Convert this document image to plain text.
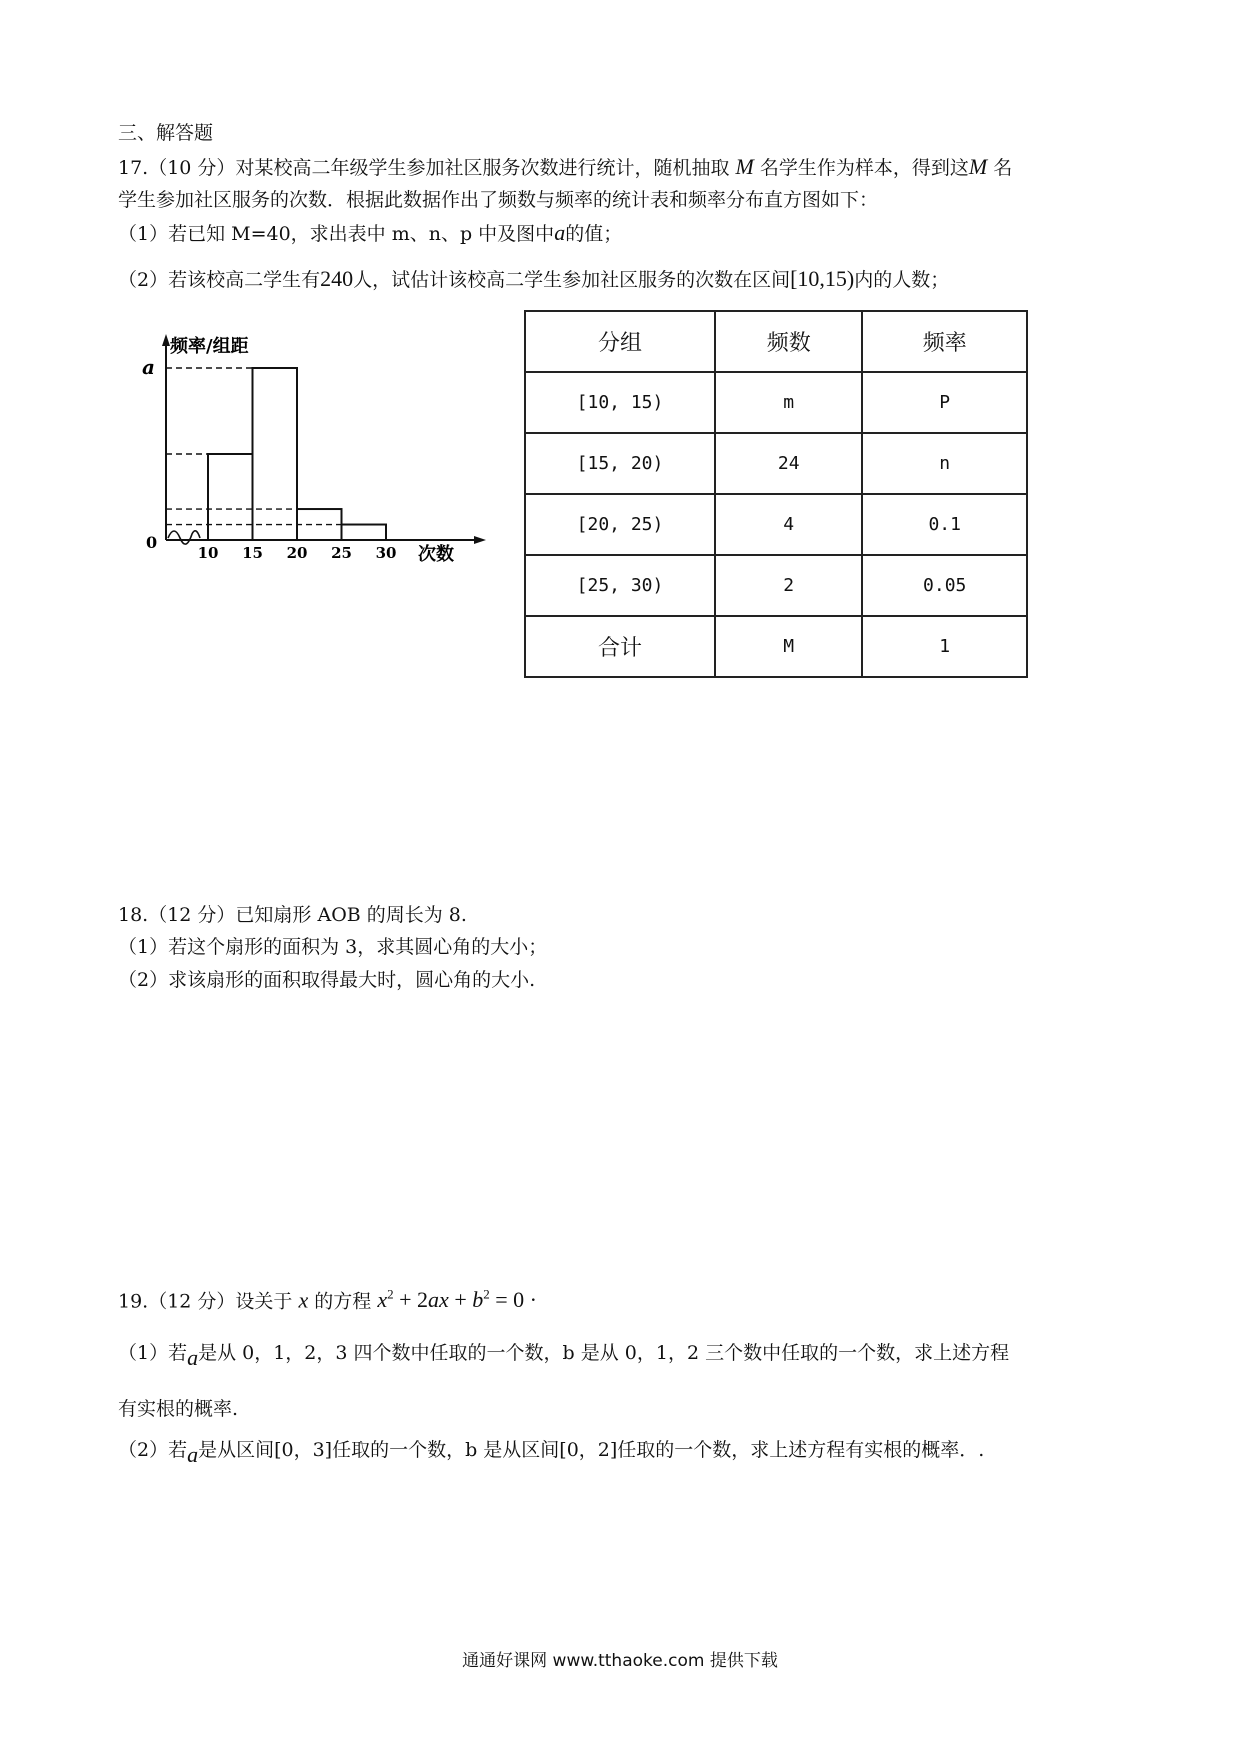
三、解答题
17.（10 分）对某校高二年级学生参加社区服务次数进行统计，随机抽取 M 名学生作为样本，得到这M 名
学生参加社区服务的次数．根据此数据作出了频数与频率的统计表和频率分布直方图如下：
（1）若已知 M=40，求出表中 m、n、p 中及图中a的值；
（2）若该校高二学生有240人，试估计该校高二学生参加社区服务的次数在区间[10,15)内的人数；
频率/组距
a
0
10 15 20 25 30 次数
分组	频数	频率
[10, 15)	m	P
[15, 20)	24	n
[20, 25)	4	0.1
[25, 30)	2	0.05
合计	M	1
18.（12 分）已知扇形 AOB 的周长为 8.
（1）若这个扇形的面积为 3，求其圆心角的大小；
（2）求该扇形的面积取得最大时，圆心角的大小.
19.（12 分）设关于 x 的方程 $x^2 + 2ax + b^2 = 0$ ·
（1）若a是从 0，1，2，3 四个数中任取的一个数，b 是从 0，1，2 三个数中任取的一个数，求上述方程
有实根的概率.
（2）若a是从区间[0，3]任取的一个数，b 是从区间[0，2]任取的一个数，求上述方程有实根的概率．.
通通好课网 www.tthaoke.com 提供下载
